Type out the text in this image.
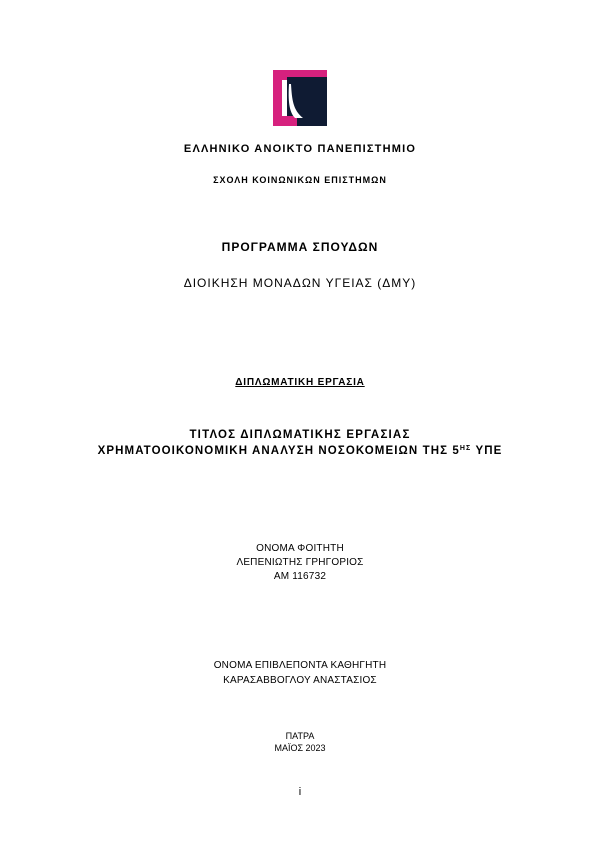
ΕΛΛΗΝΙΚΟ ΑΝΟΙΚΤΟ ΠΑΝΕΠΙΣΤΗΜΙΟ
ΣΧΟΛΗ ΚΟΙΝΩΝΙΚΩΝ ΕΠΙΣΤΗΜΩΝ
ΠΡΟΓΡΑΜΜΑ ΣΠΟΥΔΩΝ
ΔΙΟΙΚΗΣΗ ΜΟΝΑΔΩΝ ΥΓΕΙΑΣ (ΔΜΥ)
ΔΙΠΛΩΜΑΤΙΚΗ ΕΡΓΑΣΙΑ
ΤΙΤΛΟΣ ΔΙΠΛΩΜΑΤΙΚΗΣ ΕΡΓΑΣΙΑΣ
ΧΡΗΜΑΤΟΟΙΚΟΝΟΜΙΚΗ ΑΝΑΛΥΣΗ ΝΟΣΟΚΟΜΕΙΩΝ ΤΗΣ $5^{H\Sigma}$ ΥΠΕ
ΟΝΟΜΑ ΦΟΙΤΗΤΗ
ΛΕΠΕΝΙΩΤΗΣ ΓΡΗΓΟΡΙΟΣ
ΑΜ 116732
ΟΝΟΜΑ ΕΠΙΒΛΕΠΟΝΤΑ ΚΑΘΗΓΗΤΗ
ΚΑΡΑΣΑΒΒΟΓΛΟΥ ΑΝΑΣΤΑΣΙΟΣ
ΠΑΤΡΑ
ΜΑΪΟΣ 2023
i
